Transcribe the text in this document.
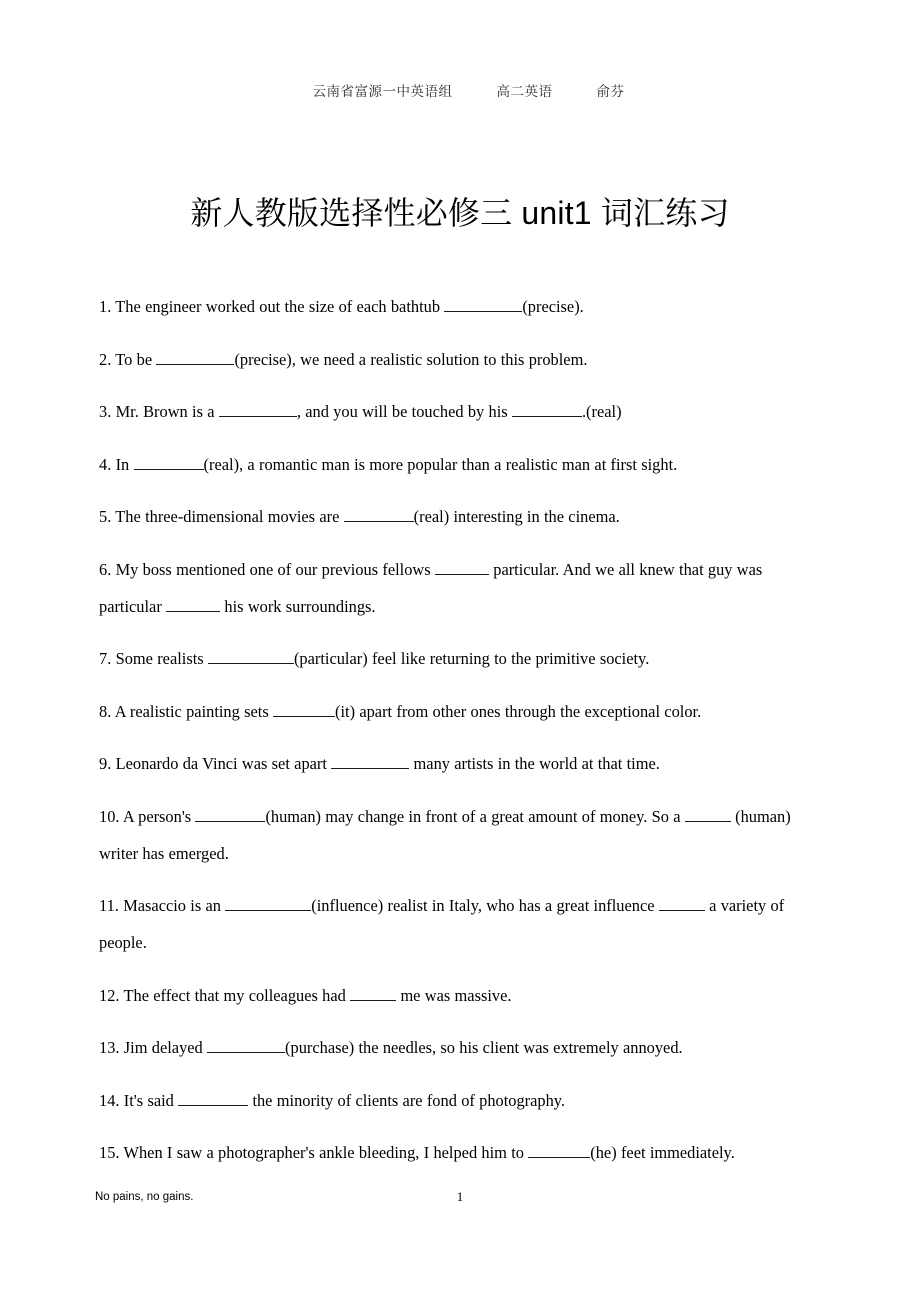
云南省富源一中英语组	高二英语	俞芬

新人教版选择性必修三 unit1 词汇练习

1. The engineer worked out the size of each bathtub	(precise).

2. To be	(precise), we need a realistic solution to this problem.

3. Mr. Brown is a	, and you will be touched by his	.(real)

4. In	(real), a romantic man is more popular than a realistic man at first sight.

5. The three-dimensional movies are	(real) interesting in the cinema.

6. My boss mentioned one of our previous fellows	particular. And we all knew that guy was particular	his work surroundings.

7. Some realists	(particular) feel like returning to the primitive society.

8. A realistic painting sets	(it) apart from other ones through the exceptional color.

9. Leonardo da Vinci was set apart	many artists in the world at that time.

10. A person's	(human) may change in front of a great amount of money. So a	(human) writer has emerged.

11. Masaccio is an	(influence) realist in Italy, who has a great influence	a variety of people.

12. The effect that my colleagues had	me was massive.

13. Jim delayed	(purchase) the needles, so his client was extremely annoyed.

14. It's said	the minority of clients are fond of photography.

15. When I saw a photographer's ankle bleeding, I helped him to	(he) feet immediately.

No pains, no gains.	1
